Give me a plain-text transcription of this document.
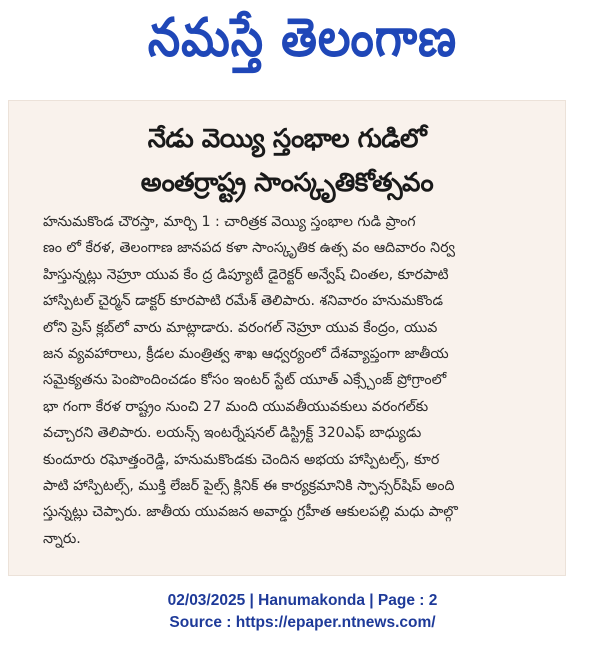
నమస్తే తెలంగాణ
నేడు వెయ్యి స్తంభాల గుడిలో
అంతర్రాష్ట్ర సాంస్కృతికోత్సవం

హనుమకొండ చౌరస్తా, మార్చి 1 : చారిత్రక వెయ్యి స్తంభాల గుడి ప్రాంగ
ణం లో కేరళ, తెలంగాణ జానపద కళా సాంస్కృతిక ఉత్స వం ఆదివారం నిర్వ
హిస్తున్నట్లు నెహ్రూ యువ కేం ద్ర డిప్యూటీ డైరెక్టర్ అన్వేష్ చింతల, కూరపాటి
హాస్పిటల్ చైర్మన్ డాక్టర్ కూరపాటి రమేశ్ తెలిపారు. శనివారం హనుమకొండ
లోని ప్రెస్ క్లబ్‌లో వారు మాట్లాడారు. వరంగల్ నెహ్రూ యువ కేంద్రం, యువ
జన వ్యవహారాలు, క్రీడల మంత్రిత్వ శాఖ ఆధ్వర్యంలో దేశవ్యాప్తంగా జాతీయ
సమైక్యతను పెంపొందించడం కోసం ఇంటర్ స్టేట్ యూత్ ఎక్స్చేంజ్ ప్రోగ్రాంలో
భా గంగా కేరళ రాష్ట్రం నుంచి 27 మంది యువతీయువకులు వరంగల్‌కు
వచ్చారని తెలిపారు. లయన్స్ ఇంటర్నేషనల్ డిస్ట్రిక్ట్ 320ఎఫ్ బాధ్యుడు
కుందూరు రఘోత్తంరెడ్డి, హనుమకొండకు చెందిన అభయ హాస్పిటల్స్, కూర
పాటి హాస్పిటల్స్, ముక్తి లేజర్ పైల్స్ క్లినిక్ ఈ కార్యక్రమానికి స్పాన్సర్‌షిప్ అంది
స్తున్నట్లు చెప్పారు. జాతీయ యువజన అవార్డు గ్రహీత ఆకులపల్లి మధు పాల్గొ
న్నారు.

02/03/2025 | Hanumakonda | Page : 2
Source : https://epaper.ntnews.com/
